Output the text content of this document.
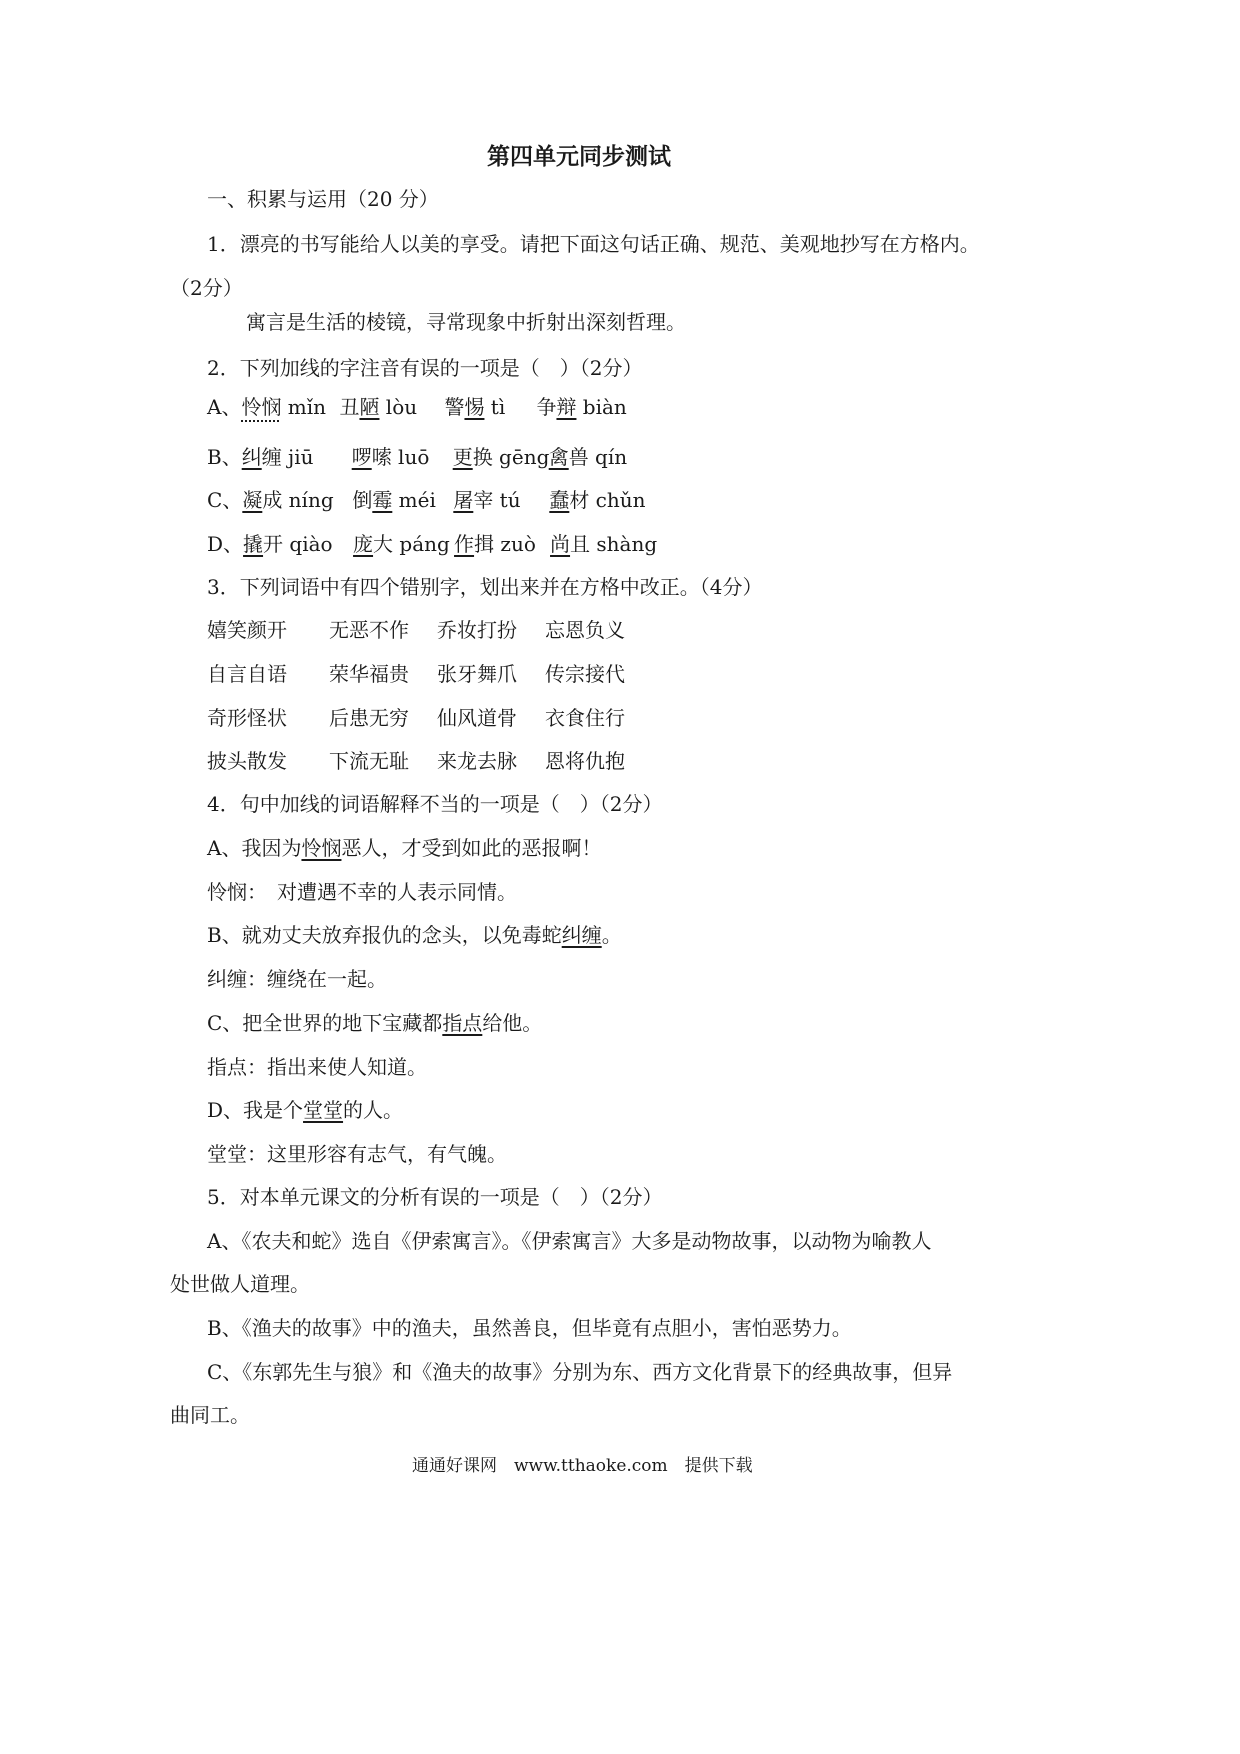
第四单元同步测试
一、积累与运用（20 分）
1．漂亮的书写能给人以美的享受。请把下面这句话正确、规范、美观地抄写在方格内。
（2分）
寓言是生活的棱镜，寻常现象中折射出深刻哲理。
2．下列加线的字注音有误的一项是（　）（2分）
A、怜悯 mǐn 丑陋 lòu 警惕 tì 争辩 biàn
B、纠缠 jiū 啰嗦 luō 更换 gēng禽兽 qín
C、凝成 níng 倒霉 méi 屠宰 tú 蠢材 chǔn
D、撬开 qiào 庞大 páng 作揖 zuò 尚且 shàng
3．下列词语中有四个错别字，划出来并在方格中改正。（4分）
嬉笑颜开 无恶不作 乔妆打扮 忘恩负义
自言自语 荣华福贵 张牙舞爪 传宗接代
奇形怪状 后患无穷 仙风道骨 衣食住行
披头散发 下流无耻 来龙去脉 恩将仇抱
4．句中加线的词语解释不当的一项是（　）（2分）
A、我因为怜悯恶人，才受到如此的恶报啊！
怜悯：　对遭遇不幸的人表示同情。
B、就劝丈夫放弃报仇的念头，以免毒蛇纠缠。
纠缠：缠绕在一起。
C、把全世界的地下宝藏都指点给他。
指点：指出来使人知道。
D、我是个堂堂的人。
堂堂：这里形容有志气，有气魄。
5．对本单元课文的分析有误的一项是（　）（2分）
A、《农夫和蛇》选自《伊索寓言》。《伊索寓言》大多是动物故事，以动物为喻教人
处世做人道理。
B、《渔夫的故事》中的渔夫，虽然善良，但毕竟有点胆小，害怕恶势力。
C、《东郭先生与狼》和《渔夫的故事》分别为东、西方文化背景下的经典故事，但异
曲同工。
通通好课网　www.tthaoke.com　提供下载
